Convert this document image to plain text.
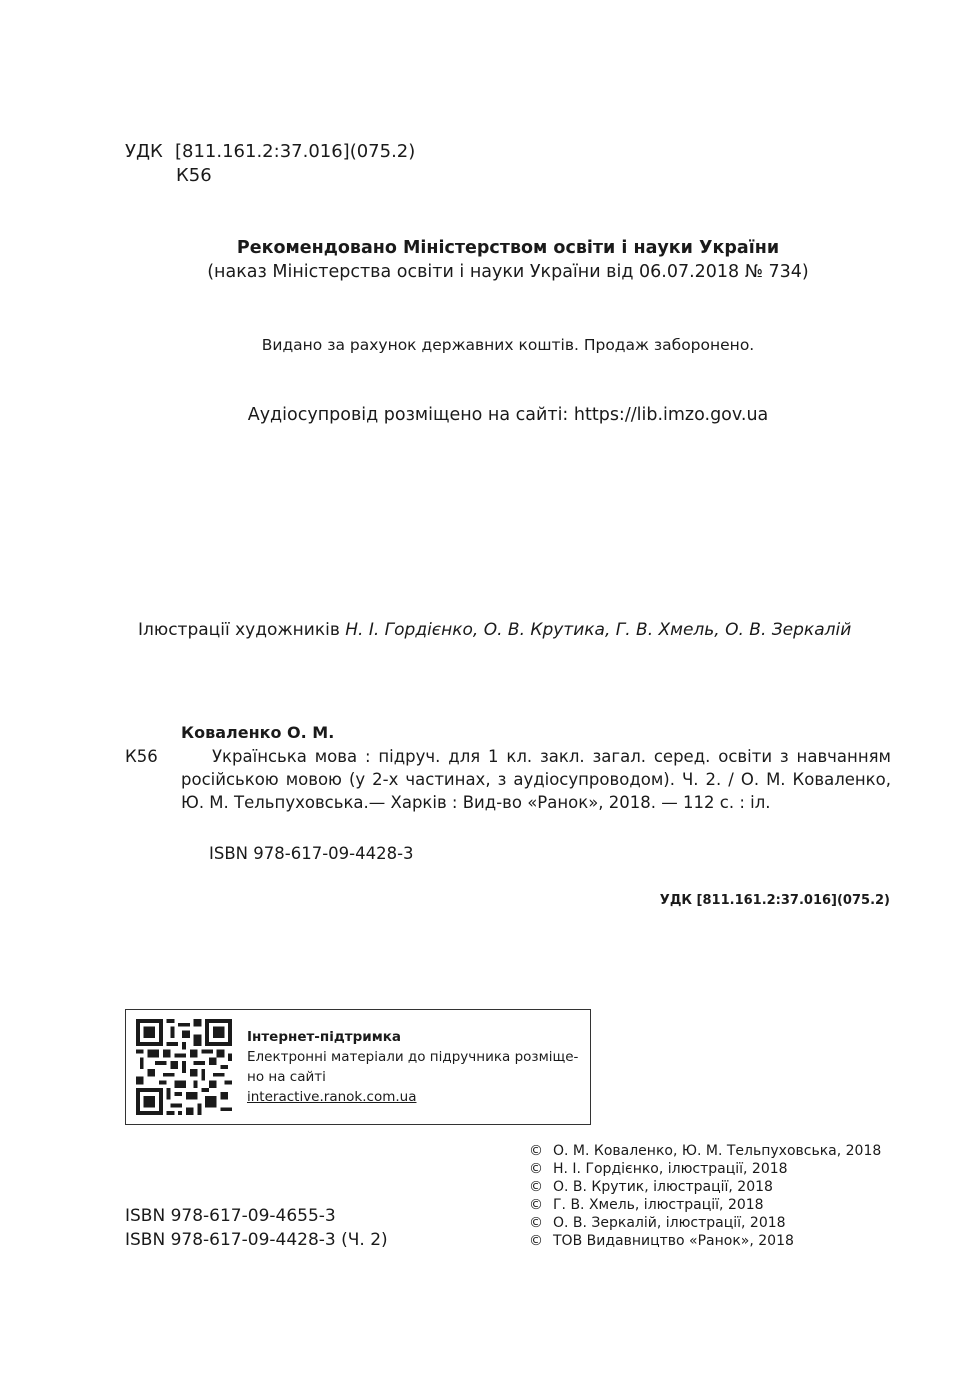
УДК [811.161.2:37.016](075.2)
К56
Рекомендовано Міністерством освіти і науки України
(наказ Міністерства освіти і науки України від 06.07.2018 № 734)
Видано за рахунок державних коштів. Продаж заборонено.
Аудіосупровід розміщено на сайті: https://lib.imzo.gov.ua
Ілюстрації художників Н. І. Гордієнко, О. В. Крутика, Г. В. Хмель, О. В. Зеркалій
Коваленко О. М.
К56	Українська мова : підруч. для 1 кл. закл. загал. серед. освіти з навчанням російською мовою (у 2-х частинах, з аудіосупроводом). Ч. 2. / О. М. Коваленко, Ю. М. Тельпуховська.— Харків : Вид-во «Ранок», 2018. — 112 с. : іл.
ISBN 978-617-09-4428-3
УДК [811.161.2:37.016](075.2)
Інтернет-підтримка
Електронні матеріали до підручника розміще-
но на сайті
interactive.ranok.com.ua
ISBN 978-617-09-4655-3
ISBN 978-617-09-4428-3 (Ч. 2)
© О. М. Коваленко, Ю. М. Тельпуховська, 2018
© Н. І. Гордієнко, ілюстрації, 2018
© О. В. Крутик, ілюстрації, 2018
© Г. В. Хмель, ілюстрації, 2018
© О. В. Зеркалій, ілюстрації, 2018
© ТОВ Видавництво «Ранок», 2018
